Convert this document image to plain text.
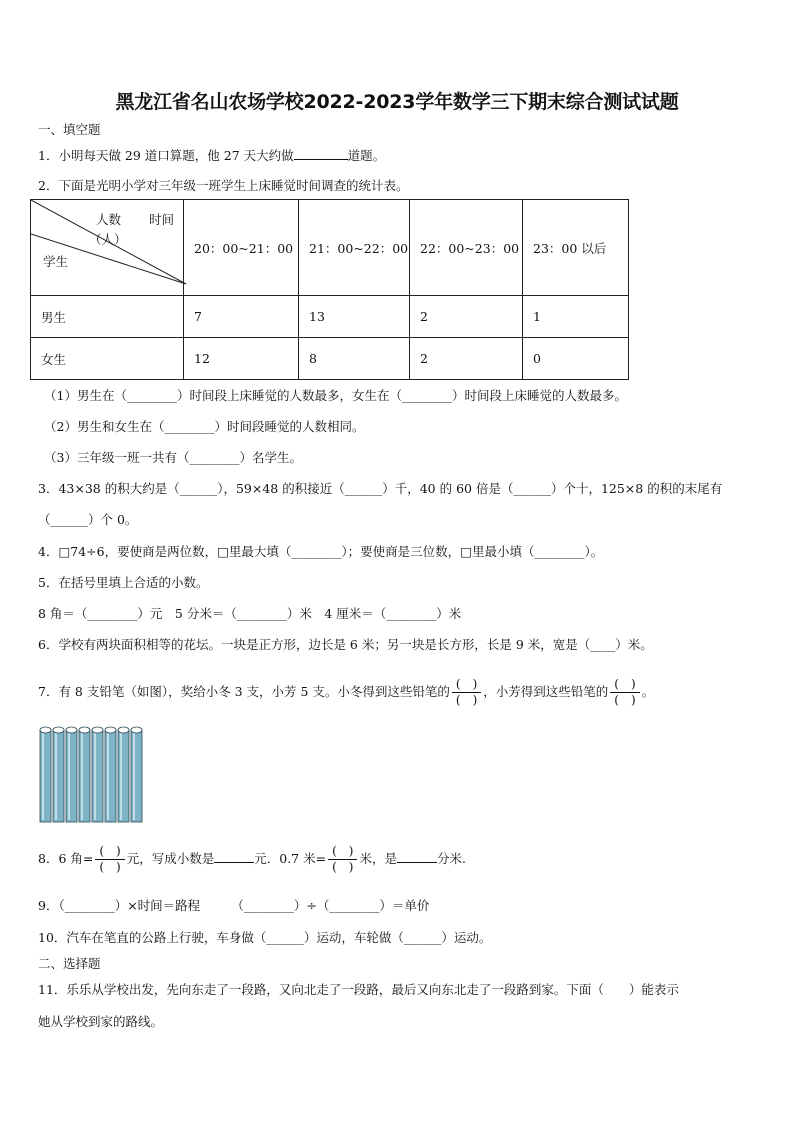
黑龙江省名山农场学校2022-2023学年数学三下期末综合测试试题
一、填空题
1．小明每天做 29 道口算题，他 27 天大约做	道题。
2．下面是光明小学对三年级一班学生上床睡觉时间调查的统计表。
人数
（人）
时间
学生	20：00~21：00	21：00~22：00	22：00~23：00	23：00 以后
男生	7	13	2	1
女生	12	8	2	0
（1）男生在（________）时间段上床睡觉的人数最多，女生在（________）时间段上床睡觉的人数最多。
（2）男生和女生在（________）时间段睡觉的人数相同。
（3）三年级一班一共有（________）名学生。
3．43×38 的积大约是（______），59×48 的积接近（______）千，40 的 60 倍是（______）个十，125×8 的积的末尾有
（______）个 0。
4．□74÷6，要使商是两位数，□里最大填（________）；要使商是三位数，□里最小填（________）。
5．在括号里填上合适的小数。
8 角＝（________）元　5 分米＝（________）米　4 厘米＝（________）米
6．学校有两块面积相等的花坛。一块是正方形，边长是 6 米；另一块是长方形，长是 9 米，宽是（____）米。
7．有 8 支铅笔（如图），奖给小冬 3 支，小芳 5 支。小冬得到这些铅笔的 $\frac{( )}{( )}$ ，小芳得到这些铅笔的 $\frac{( )}{( )}$ 。
8．6 角= $\frac{( )}{( )}$ 元，写成小数是	元．0.7 米= $\frac{( )}{( )}$ 米，是	分米.
9．（________）×时间＝路程　　　（________）÷（________）＝单价
10．汽车在笔直的公路上行驶，车身做（______）运动，车轮做（______）运动。
二、选择题
11．乐乐从学校出发，先向东走了一段路，又向北走了一段路，最后又向东北走了一段路到家。下面（　　）能表示
她从学校到家的路线。
